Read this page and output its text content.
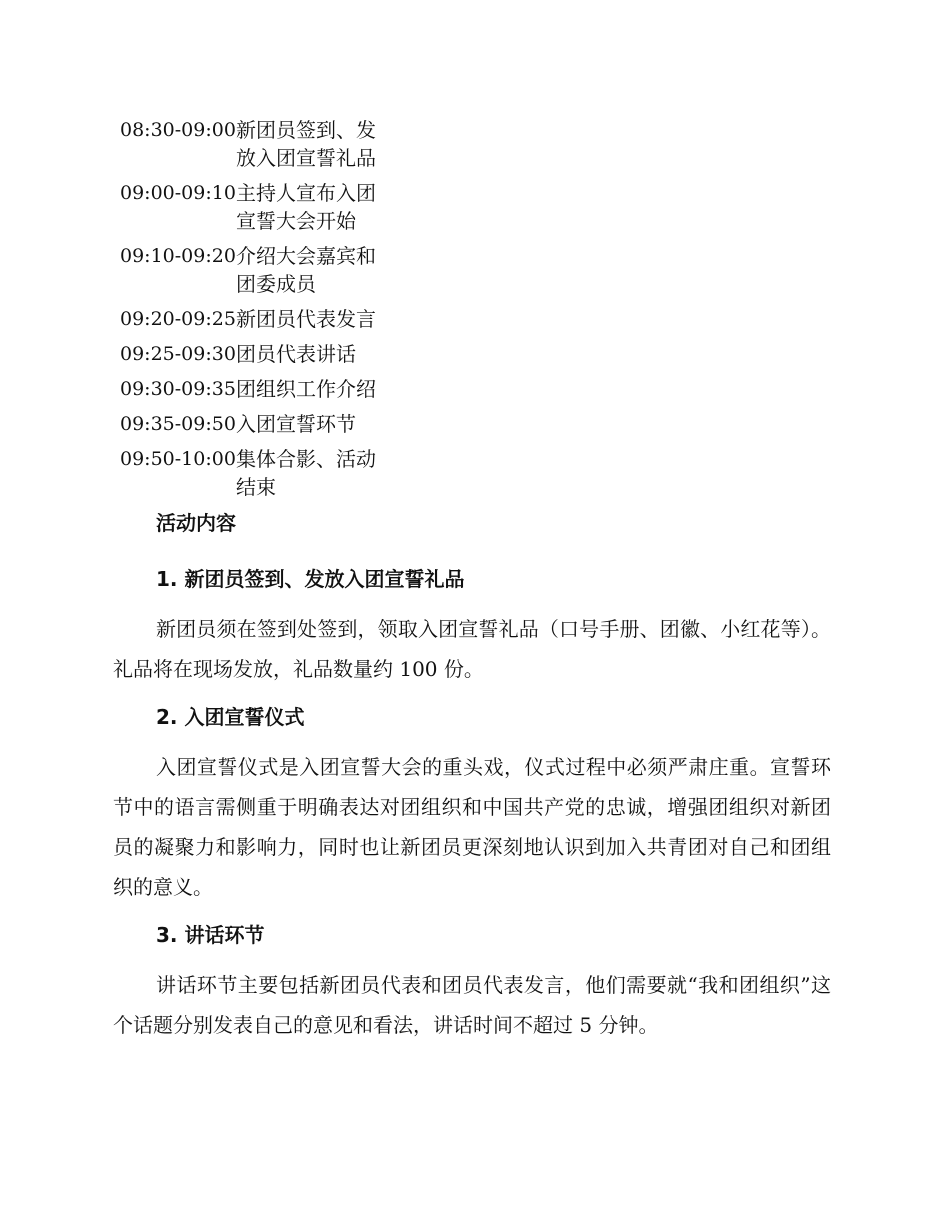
08:30-09:00 新团员签到、发放入团宣誓礼品
09:00-09:10 主持人宣布入团宣誓大会开始
09:10-09:20 介绍大会嘉宾和团委成员
09:20-09:25 新团员代表发言
09:25-09:30 团员代表讲话
09:30-09:35 团组织工作介绍
09:35-09:50 入团宣誓环节
09:50-10:00 集体合影、活动结束
活动内容
1. 新团员签到、发放入团宣誓礼品

新团员须在签到处签到，领取入团宣誓礼品（口号手册、团徽、小红花等）。礼品将在现场发放，礼品数量约 100 份。

2. 入团宣誓仪式

入团宣誓仪式是入团宣誓大会的重头戏，仪式过程中必须严肃庄重。宣誓环节中的语言需侧重于明确表达对团组织和中国共产党的忠诚，增强团组织对新团员的凝聚力和影响力，同时也让新团员更深刻地认识到加入共青团对自己和团组织的意义。

3. 讲话环节

讲话环节主要包括新团员代表和团员代表发言，他们需要就“我和团组织”这个话题分别发表自己的意见和看法，讲话时间不超过 5 分钟。
